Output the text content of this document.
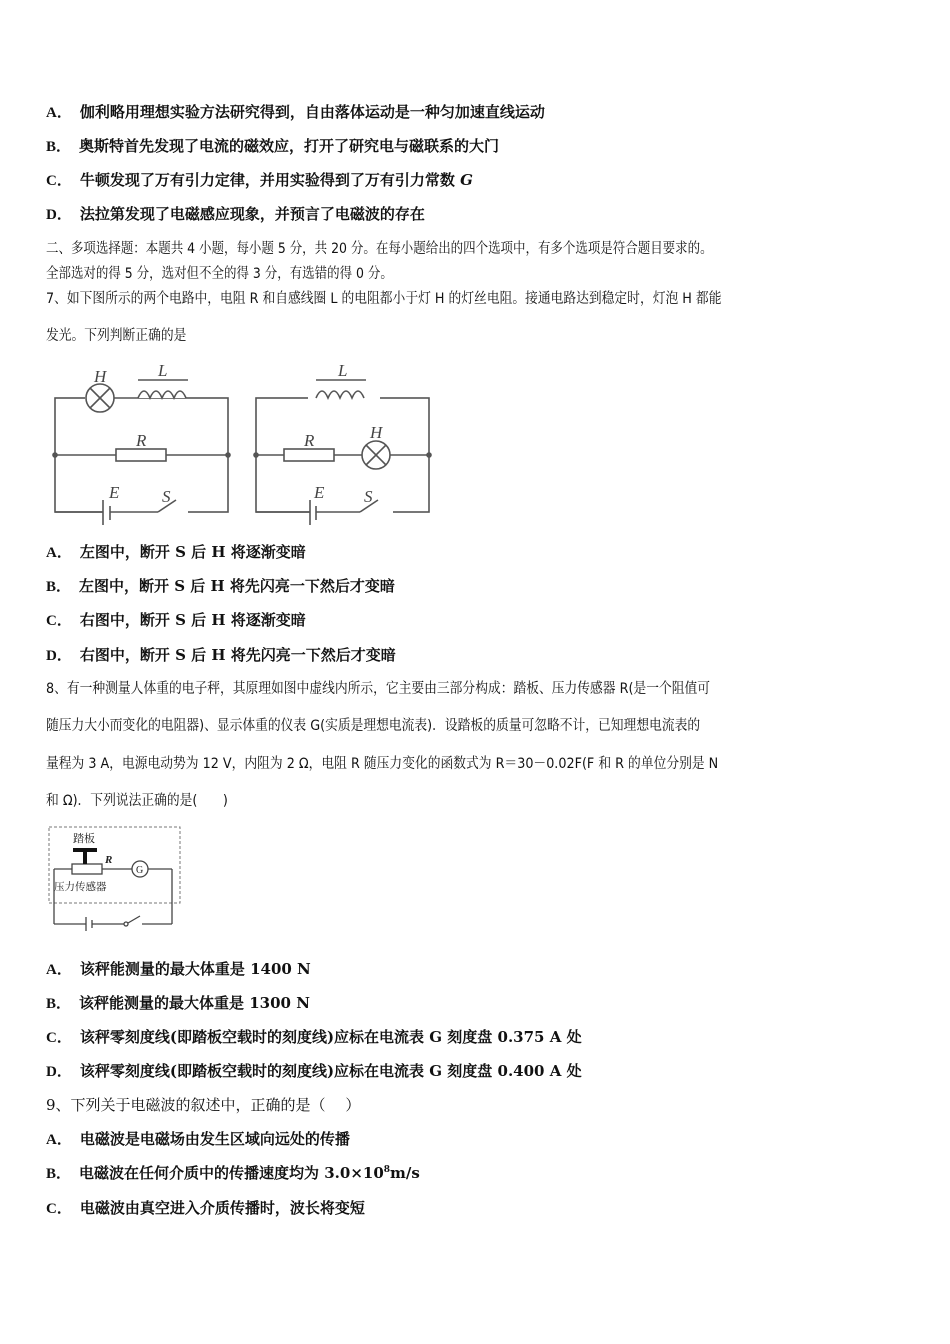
A． 伽利略用理想实验方法研究得到，自由落体运动是一种匀加速直线运动
B． 奥斯特首先发现了电流的磁效应，打开了研究电与磁联系的大门
C． 牛顿发现了万有引力定律，并用实验得到了万有引力常数 G
D． 法拉第发现了电磁感应现象，并预言了电磁波的存在
二、多项选择题：本题共 4 小题，每小题 5 分，共 20 分。在每小题给出的四个选项中，有多个选项是符合题目要求的。
全部选对的得 5 分，选对但不全的得 3 分，有选错的得 0 分。
7、如下图所示的两个电路中，电阻 R 和自感线圈 L 的电阻都小于灯 H 的灯丝电阻。接通电路达到稳定时，灯泡 H 都能
发光。下列判断正确的是
H	L
R
E	S
L
R	H
E S
A． 左图中，断开 S 后 H 将逐渐变暗
B． 左图中，断开 S 后 H 将先闪亮一下然后才变暗
C． 右图中，断开 S 后 H 将逐渐变暗
D． 右图中，断开 S 后 H 将先闪亮一下然后才变暗
8、有一种测量人体重的电子秤，其原理如图中虚线内所示，它主要由三部分构成：踏板、压力传感器 R(是一个阻值可
随压力大小而变化的电阻器)、显示体重的仪表 G(实质是理想电流表)．设踏板的质量可忽略不计，已知理想电流表的
量程为 3 A，电源电动势为 12 V，内阻为 2 Ω，电阻 R 随压力变化的函数式为 R＝30－0.02F(F 和 R 的单位分别是 N
和 Ω)．下列说法正确的是(　　)
踏板
R
G
压力传感器
A． 该秤能测量的最大体重是 1400 N
B． 该秤能测量的最大体重是 1300 N
C． 该秤零刻度线(即踏板空载时的刻度线)应标在电流表 G 刻度盘 0.375 A 处
D． 该秤零刻度线(即踏板空载时的刻度线)应标在电流表 G 刻度盘 0.400 A 处
9、下列关于电磁波的叙述中，正确的是（　 ）
A． 电磁波是电磁场由发生区域向远处的传播
B． 电磁波在任何介质中的传播速度均为 $3.0\times 10^8m/s$
C． 电磁波由真空进入介质传播时，波长将变短
